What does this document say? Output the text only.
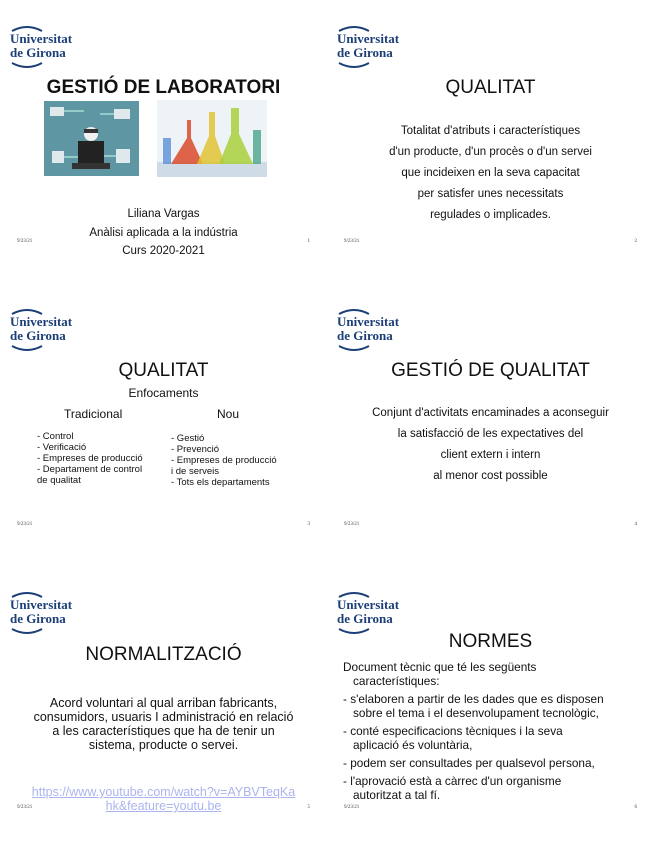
Universitat
de Girona
GESTIÓ DE LABORATORI
Liliana Vargas
Anàlisi aplicada a la indústria
Curs 2020-2021
9/23/21	1
Universitat
de Girona
QUALITAT
Totalitat d'atributs i característiques
d'un producte, d'un procès o d'un servei
que incideixen en la seva capacitat
per satisfer unes necessitats
regulades o implicades.
9/23/21	2
Universitat
de Girona
QUALITAT
Enfocaments
Tradicional	Nou
- Control
- Verificació
- Empreses de producció
- Departament de control
de qualitat
- Gestió
- Prevenció
- Empreses de producció
i de serveis
- Tots els departaments
9/23/21	3
Universitat
de Girona
GESTIÓ DE QUALITAT
Conjunt d'activitats encaminades a aconseguir
la satisfacció de les expectatives del
client extern i intern
al menor cost possible
9/23/21	4
Universitat
de Girona
NORMALITZACIÓ
Acord voluntari al qual arriban fabricants,
consumidors, usuaris I administració en relació
a les característiques que ha de tenir un
sistema, producte o servei.
https://www.youtube.com/watch?v=AYBVTeqKa
hk&feature=youtu.be
9/23/21	5
Universitat
de Girona
NORMES
Document tècnic que té les següents
característiques:
- s'elaboren a partir de les dades que es disposen
sobre el tema i el desenvolupament tecnològic,
- conté especificacions tècniques i la seva
aplicació és voluntària,
- podem ser consultades per qualsevol persona,
- l'aprovació està a càrrec d'un organisme
autoritzat a tal fí.
9/23/21	6
